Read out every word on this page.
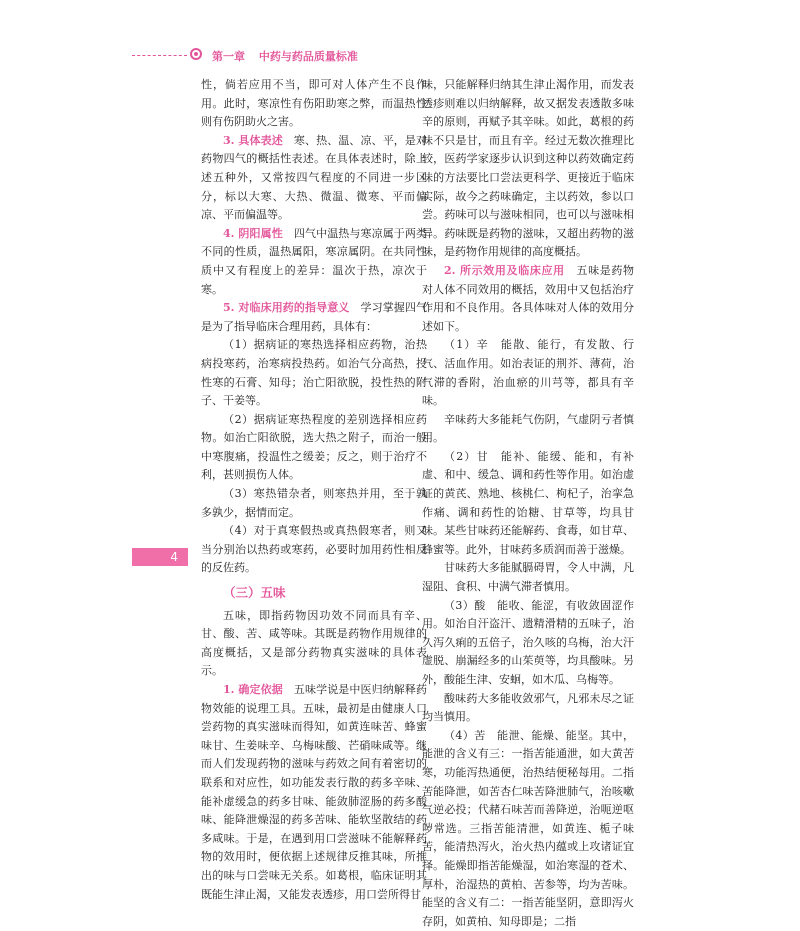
第一章 中药与药品质量标准

性，倘若应用不当，即可对人体产生不良作用。此时，寒凉性有伤阳助寒之弊，而温热性则有伤阴助火之害。

3. 具体表述　寒、热、温、凉、平，是对药物四气的概括性表述。在具体表述时，除上述五种外，又常按四气程度的不同进一步区分，标以大寒、大热、微温、微寒、平而偏凉、平而偏温等。

4. 阴阳属性　四气中温热与寒凉属于两类不同的性质，温热属阳，寒凉属阴。在共同性质中又有程度上的差异：温次于热，凉次于寒。

5. 对临床用药的指导意义　学习掌握四气是为了指导临床合理用药，具体有：

（1）据病证的寒热选择相应药物，治热病投寒药，治寒病投热药。如治气分高热，投性寒的石膏、知母；治亡阳欲脱，投性热的附子、干姜等。

（2）据病证寒热程度的差别选择相应药物。如治亡阳欲脱，选大热之附子，而治一般中寒腹痛，投温性之缓姜；反之，则于治疗不利，甚则损伤人体。

（3）寒热错杂者，则寒热并用，至于孰多孰少，据情而定。

（4）对于真寒假热或真热假寒者，则又当分别治以热药或寒药，必要时加用药性相反的反佐药。

（三）五味

五味，即指药物因功效不同而具有辛、甘、酸、苦、咸等味。其既是药物作用规律的高度概括，又是部分药物真实滋味的具体表示。

1. 确定依据　五味学说是中医归纳解释药物效能的说理工具。五味，最初是由健康人口尝药物的真实滋味而得知，如黄连味苦、蜂蜜味甘、生姜味辛、乌梅味酸、芒硝味咸等。继而人们发现药物的滋味与药效之间有着密切的联系和对应性，如功能发表行散的药多辛味、能补虚缓急的药多甘味、能敛肺涩肠的药多酸味、能降泄燥湿的药多苦味、能软坚散结的药多咸味。于是，在遇到用口尝滋味不能解释药物的效用时，便依据上述规律反推其味，所推出的味与口尝味无关系。如葛根，临床证明其既能生津止渴，又能发表透疹，用口尝所得甘

味，只能解释归纳其生津止渴作用，而发表透疹则难以归纳解释，故又据发表透散多味辛的原则，再赋予其辛味。如此，葛根的药味不只是甘，而且有辛。经过无数次推理比较，医药学家逐步认识到这种以药效确定药味的方法要比口尝法更科学、更接近于临床实际，故今之药味确定，主以药效，参以口尝。药味可以与滋味相同，也可以与滋味相异。药味既是药物的滋味，又超出药物的滋味，是药物作用规律的高度概括。

2. 所示效用及临床应用　五味是药物对人体不同效用的概括，效用中又包括治疗作用和不良作用。各具体味对人体的效用分述如下。

（1）辛　能散、能行，有发散、行气、活血作用。如治表证的荆芥、薄荷，治气滞的香附，治血瘀的川芎等，都具有辛味。

辛味药大多能耗气伤阴，气虚阴亏者慎用。

（2）甘　能补、能缓、能和，有补虚、和中、缓急、调和药性等作用。如治虚证的黄芪、熟地、核桃仁、枸杞子，治挛急作痛、调和药性的饴糖、甘草等，均具甘味。某些甘味药还能解药、食毒，如甘草、蜂蜜等。此外，甘味药多质润而善于滋燥。

甘味药大多能腻膈碍胃，令人中满，凡湿阻、食积、中满气滞者慎用。

（3）酸　能收、能涩，有收敛固涩作用。如治自汗盗汗、遗精滑精的五味子，治久泻久痢的五倍子，治久咳的乌梅，治大汗虚脱、崩漏经多的山茱萸等，均具酸味。另外，酸能生津、安蛔，如木瓜、乌梅等。

酸味药大多能收敛邪气，凡邪未尽之证均当慎用。

（4）苦　能泄、能燥、能坚。其中，能泄的含义有三：一指苦能通泄，如大黄苦寒，功能泻热通便，治热结便秘每用。二指苦能降泄，如苦杏仁味苦降泄肺气，治咳嗽气逆必投；代赭石味苦而善降逆，治呃逆呕哕常选。三指苦能清泄，如黄连、栀子味苦，能清热泻火，治火热内蕴或上攻诸证宜择。能燥即指苦能燥湿，如治寒湿的苍术、厚朴，治湿热的黄柏、苦参等，均为苦味。能坚的含义有二：一指苦能坚阴，意即泻火存阴，如黄柏、知母即是；二指

4
